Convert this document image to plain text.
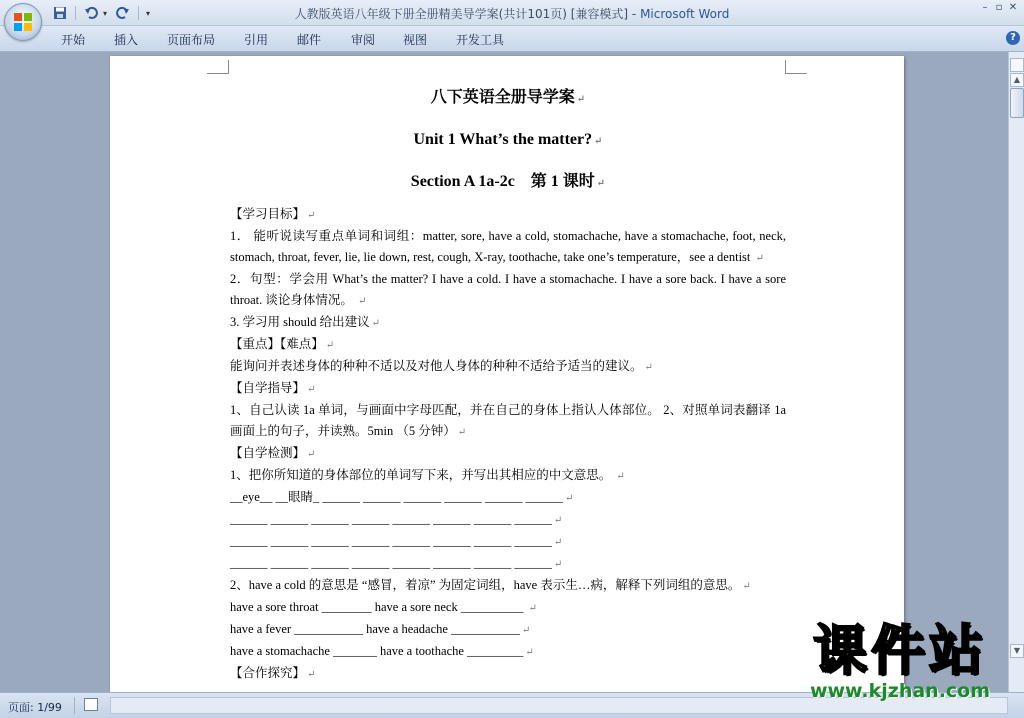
▾	▾	人教版英语八年级下册全册精美导学案(共计101页) [兼容模式] - Microsoft Word	– ▫ ✕
开始 插入 页面布局 引用 邮件 审阅 视图 开发工具	?
八下英语全册导学案 ↵
Unit 1 What’s the matter? ↵
Section A 1a-2c　第 1 课时 ↵
【学习目标】 ↵
1． 能听说读写重点单词和词组：matter, sore, have a cold, stomachache, have a stomachache, foot, neck, stomach, throat, fever, lie, lie down, rest, cough, X-ray, toothache, take one’s temperature，see a dentist ↵
2．句型：学会用 What’s the matter? I have a cold. I have a stomachache. I have a sore back. I have a sore throat. 谈论身体情况。 ↵
3. 学习用 should 给出建议 ↵
【重点】【难点】 ↵
能询问并表述身体的种种不适以及对他人身体的种种不适给予适当的建议。 ↵
【自学指导】 ↵
1、自己认读 1a 单词，与画面中字母匹配，并在自己的身体上指认人体部位。 2、对照单词表翻译 1a 画面上的句子，并读熟。5min （5 分钟） ↵
【自学检测】 ↵
1、把你所知道的身体部位的单词写下来，并写出其相应的中文意思。 ↵
__eye__ __眼睛_ ______ ______ ______ ______ ______ ______ ↵
______ ______ ______ ______ ______ ______ ______ ______ ↵
______ ______ ______ ______ ______ ______ ______ ______ ↵
______ ______ ______ ______ ______ ______ ______ ______ ↵
2、have a cold 的意思是 “感冒，着凉” 为固定词组，have 表示生…病，解释下列词组的意思。 ↵
have a sore throat ________ have a sore neck __________ ↵
have a fever ___________ have a headache ___________ ↵
have a stomachache _______ have a toothache _________ ↵
【合作探究】 ↵
▲
▼
页面: 1/99
课件站
www.kjzhan.com
